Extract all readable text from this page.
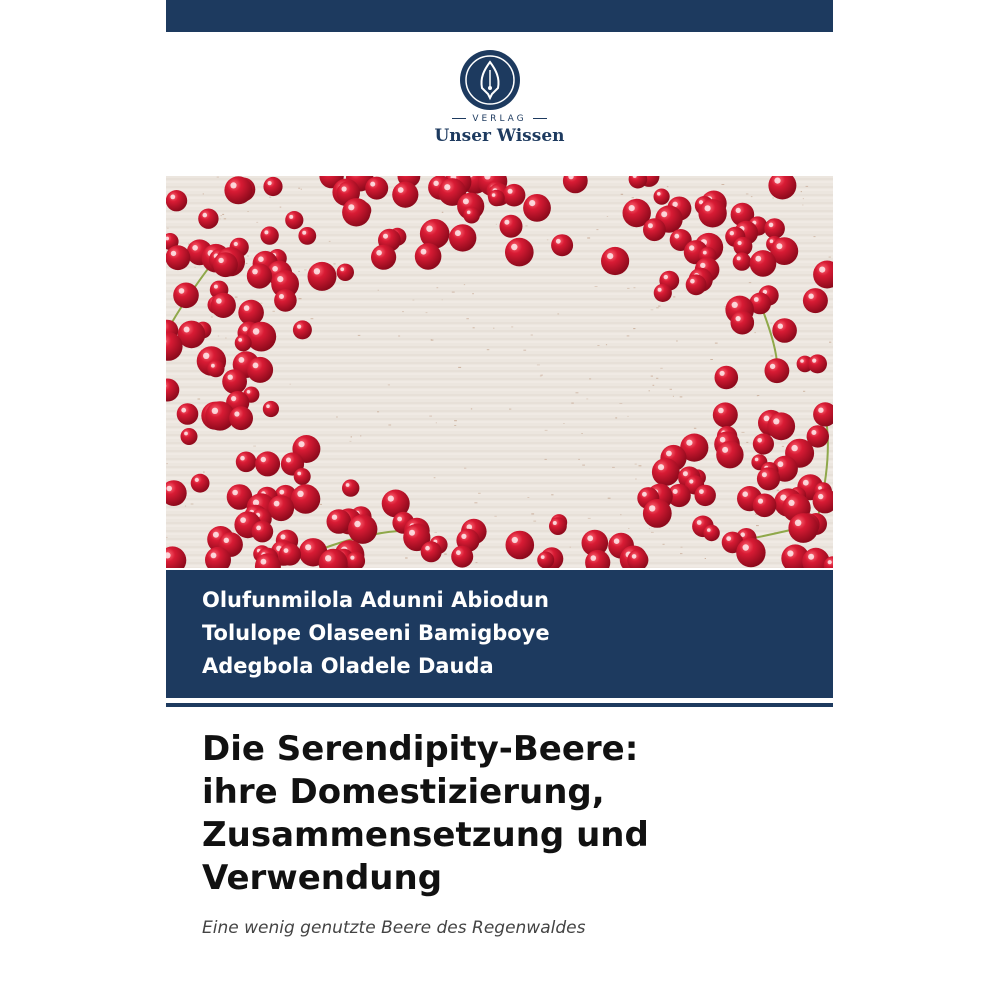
VERLAG
Unser Wissen
Olufunmilola Adunni Abiodun
Tolulope Olaseeni Bamigboye
Adegbola Oladele Dauda
Die Serendipity-Beere:
ihre Domestizierung,
Zusammensetzung und
Verwendung
Eine wenig genutzte Beere des Regenwaldes
